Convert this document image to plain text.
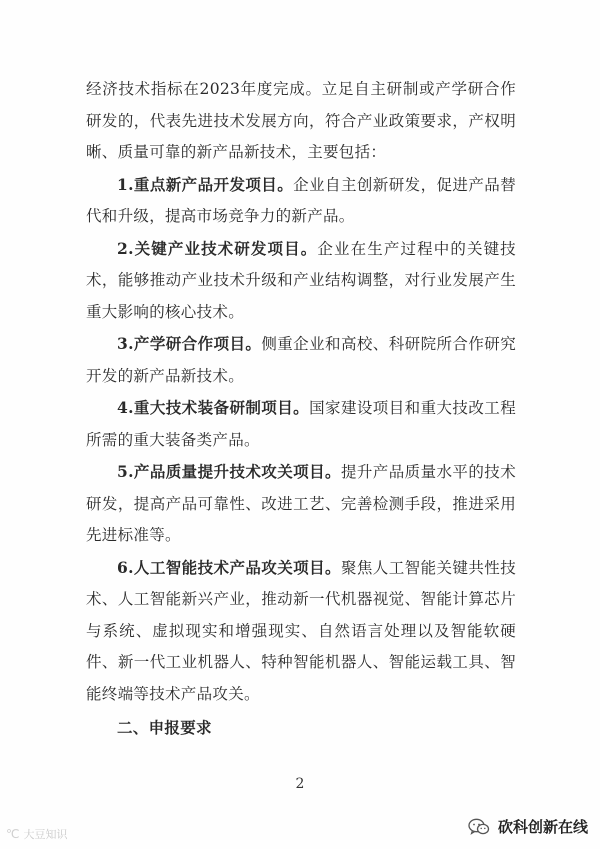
经济技术指标在2023年度完成。立足自主研制或产学研合作研发的，代表先进技术发展方向，符合产业政策要求，产权明晰、质量可靠的新产品新技术，主要包括：

1.重点新产品开发项目。企业自主创新研发，促进产品替代和升级，提高市场竞争力的新产品。

2.关键产业技术研发项目。企业在生产过程中的关键技术，能够推动产业技术升级和产业结构调整，对行业发展产生重大影响的核心技术。

3.产学研合作项目。侧重企业和高校、科研院所合作研究开发的新产品新技术。

4.重大技术装备研制项目。国家建设项目和重大技改工程所需的重大装备类产品。

5.产品质量提升技术攻关项目。提升产品质量水平的技术研发，提高产品可靠性、改进工艺、完善检测手段，推进采用先进标准等。

6.人工智能技术产品攻关项目。聚焦人工智能关键共性技术、人工智能新兴产业，推动新一代机器视觉、智能计算芯片与系统、虚拟现实和增强现实、自然语言处理以及智能软硬件、新一代工业机器人、特种智能机器人、智能运载工具、智能终端等技术产品攻关。

二、申报要求

2
℃ 大豆知识	砍科创新在线
